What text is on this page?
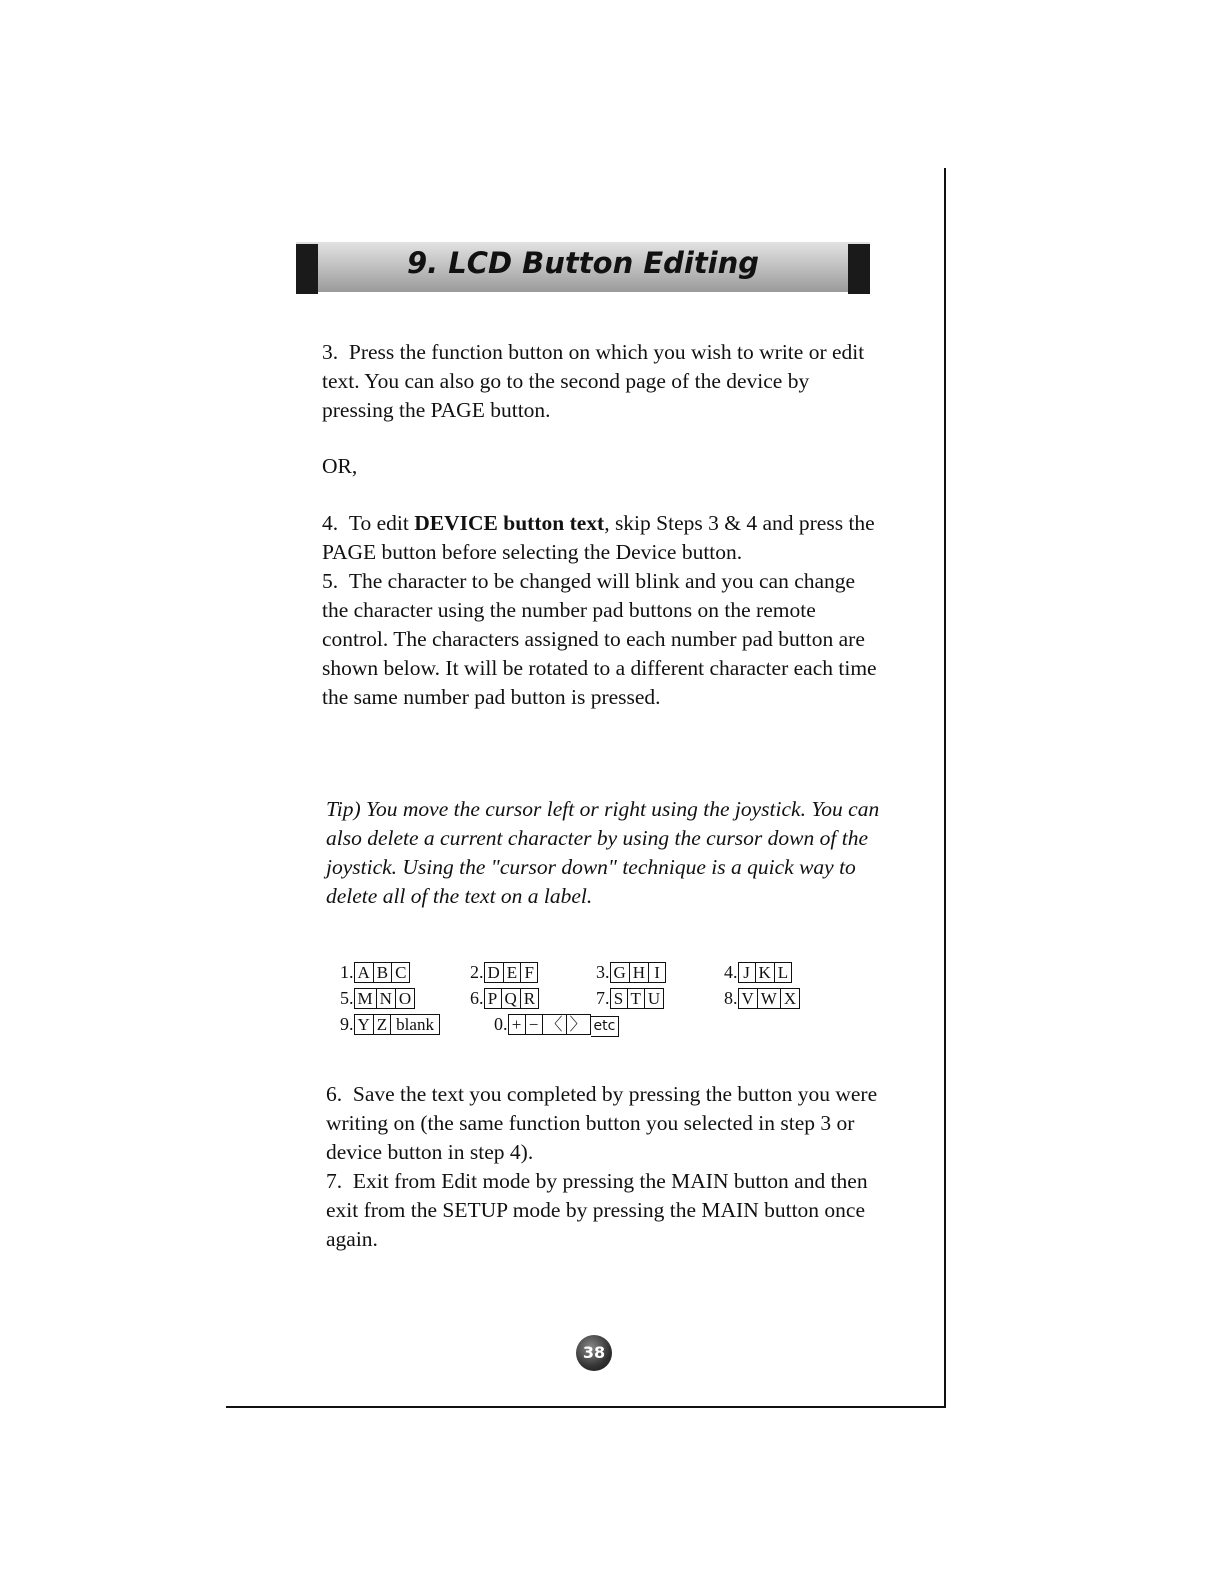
9. LCD Button Editing
3.  Press the function button on which you wish to write or edit text. You can also go to the second page of the device by pressing the PAGE button.
OR,
4.  To edit DEVICE button text, skip Steps 3 & 4 and press the PAGE button before selecting the Device button.
5.  The character to be changed will blink and you can change the character using the number pad buttons on the remote control. The characters assigned to each number pad button are shown below. It will be rotated to a different character each time the same number pad button is pressed.
Tip) You move the cursor left or right using the joystick. You can also delete a current character by using the cursor down of the joystick. Using the "cursor down" technique is a quick way to delete all of the text on a label.
1. A B C	2. D E F	3. G H I	4. J K L
5. M N O	6. P Q R	7. S T U	8. V W X
9. Y Z blank	0. + − 〈 〉 etc
6.  Save the text you completed by pressing the button you were writing on (the same function button you selected in step 3 or device button in step 4).
7.  Exit from Edit mode by pressing the MAIN button and then exit from the SETUP mode by pressing the MAIN button once again.
38
